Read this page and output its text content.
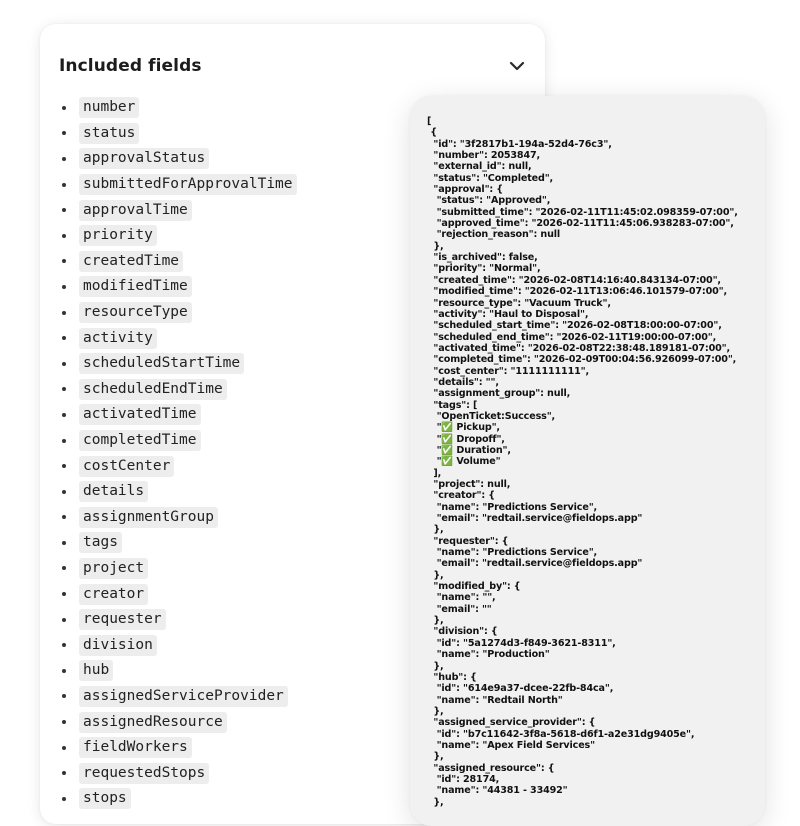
Included fields
number
status
approvalStatus
submittedForApprovalTime
approvalTime
priority
createdTime
modifiedTime
resourceType
activity
scheduledStartTime
scheduledEndTime
activatedTime
completedTime
costCenter
details
assignmentGroup
tags
project
creator
requester
division
hub
assignedServiceProvider
assignedResource
fieldWorkers
requestedStops
stops
[
{
"id": "3f2817b1-194a-52d4-76c3",
"number": 2053847,
"external_id": null,
"status": "Completed",
"approval": {
"status": "Approved",
"submitted_time": "2026-02-11T11:45:02.098359-07:00",
"approved_time": "2026-02-11T11:45:06.938283-07:00",
"rejection_reason": null
},
"is_archived": false,
"priority": "Normal",
"created_time": "2026-02-08T14:16:40.843134-07:00",
"modified_time": "2026-02-11T13:06:46.101579-07:00",
"resource_type": "Vacuum Truck",
"activity": "Haul to Disposal",
"scheduled_start_time": "2026-02-08T18:00:00-07:00",
"scheduled_end_time": "2026-02-11T19:00:00-07:00",
"activated_time": "2026-02-08T22:38:48.189181-07:00",
"completed_time": "2026-02-09T00:04:56.926099-07:00",
"cost_center": "1111111111",
"details": "",
"assignment_group": null,
"tags": [
"OpenTicket:Success",
"✅ Pickup",
"✅ Dropoff",
"✅ Duration",
"✅ Volume"
],
"project": null,
"creator": {
"name": "Predictions Service",
"email": "redtail.service@fieldops.app"
},
"requester": {
"name": "Predictions Service",
"email": "redtail.service@fieldops.app"
},
"modified_by": {
"name": "",
"email": ""
},
"division": {
"id": "5a1274d3-f849-3621-8311",
"name": "Production"
},
"hub": {
"id": "614e9a37-dcee-22fb-84ca",
"name": "Redtail North"
},
"assigned_service_provider": {
"id": "b7c11642-3f8a-5618-d6f1-a2e31dg9405e",
"name": "Apex Field Services"
},
"assigned_resource": {
"id": 28174,
"name": "44381 - 33492"
},
